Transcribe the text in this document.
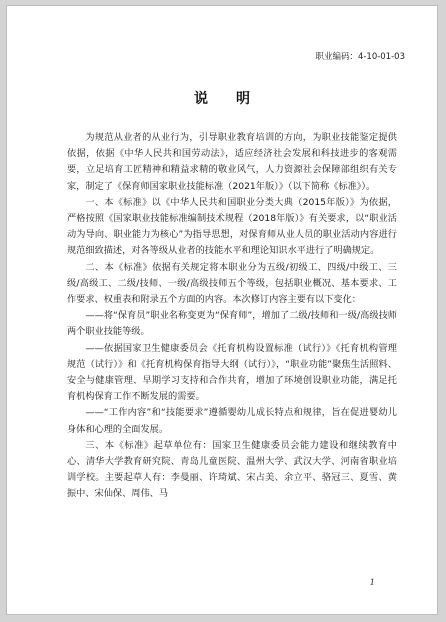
职业编码：4-10-01-03
说明

为规范从业者的从业行为，引导职业教育培训的方向，为职业技能鉴定提供依据，依据《中华人民共和国劳动法》，适应经济社会发展和科技进步的客观需要，立足培育工匠精神和精益求精的敬业风气，人力资源社会保障部组织有关专家，制定了《保育师国家职业技能标准（2021年版）》（以下简称《标准》）。

一、本《标准》以《中华人民共和国职业分类大典（2015年版）》为依据，严格按照《国家职业技能标准编制技术规程（2018年版）》有关要求，以“职业活动为导向、职业能力为核心”为指导思想，对保育师从业人员的职业活动内容进行规范细致描述，对各等级从业者的技能水平和理论知识水平进行了明确规定。

二、本《标准》依据有关规定将本职业分为五级/初级工、四级/中级工、三级/高级工、二级/技师、一级/高级技师五个等级，包括职业概况、基本要求、工作要求、权重表和附录五个方面的内容。本次修订内容主要有以下变化：

——将“保育员”职业名称变更为“保育师”，增加了二级/技师和一级/高级技师两个职业技能等级。

——依据国家卫生健康委员会《托育机构设置标准（试行）》《托育机构管理规范（试行）》和《托育机构保育指导大纲（试行）》，“职业功能”聚焦生活照料、安全与健康管理、早期学习支持和合作共育，增加了环境创设职业功能，满足托育机构保育工作不断发展的需要。

——“工作内容”和“技能要求”遵循婴幼儿成长特点和规律，旨在促进婴幼儿身体和心理的全面发展。

三、本《标准》起草单位有：国家卫生健康委员会能力建设和继续教育中心、清华大学教育研究院、青岛儿童医院、温州大学、武汉大学、河南省职业培训学校。主要起草人有：李曼丽、许琦斌、宋占美、余立平、骆冠三、夏雪、黄振中、宋仙保、周伟、马

1
